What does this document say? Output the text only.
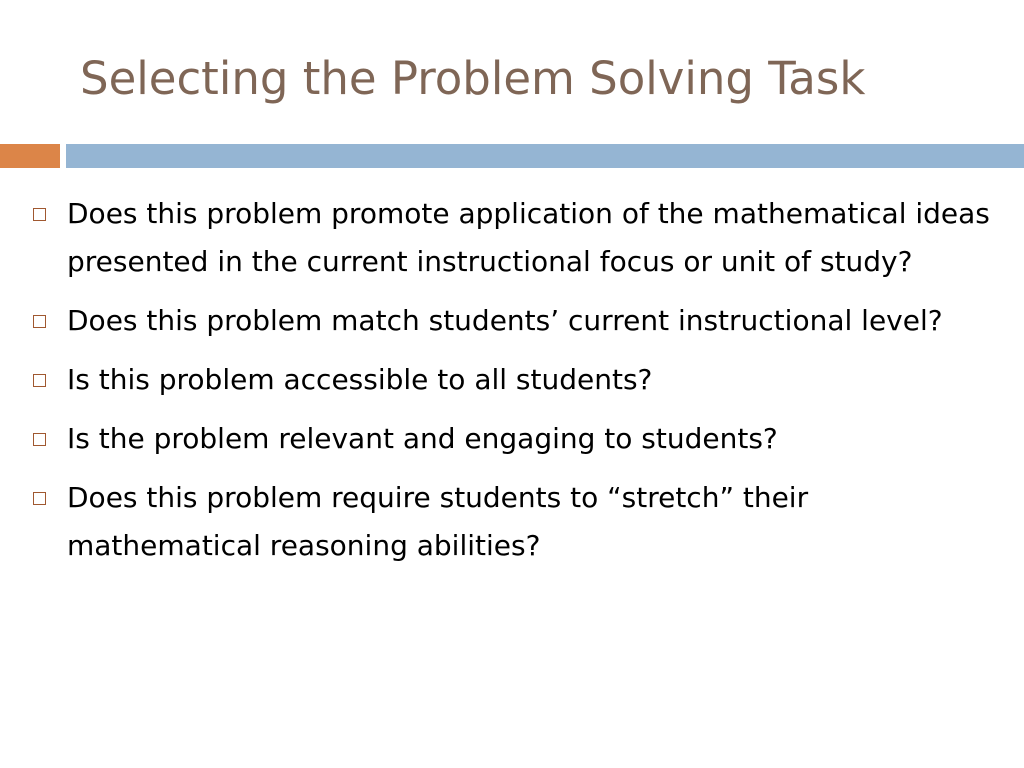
Selecting the Problem Solving Task
Does this problem promote application of the mathematical ideas presented in the current instructional focus or unit of study?
Does this problem match students’ current instructional level?
Is this problem accessible to all students?
Is the problem relevant and engaging to students?
Does this problem require students to “stretch” their mathematical reasoning abilities?
